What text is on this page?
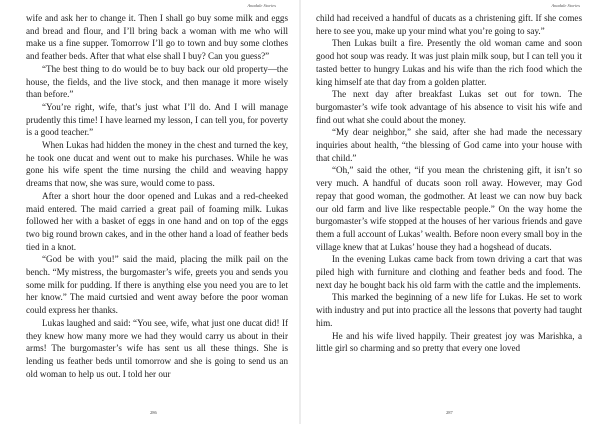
Anadale Stories

wife and ask her to change it. Then I shall go buy some milk and eggs and bread and flour, and I’ll bring back a woman with me who will make us a fine supper. Tomorrow I’ll go to town and buy some clothes and feather beds. After that what else shall I buy? Can you guess?”

“The best thing to do would be to buy back our old property—the house, the fields, and the live stock, and then manage it more wisely than before.”

“You’re right, wife, that’s just what I’ll do. And I will manage prudently this time! I have learned my lesson, I can tell you, for poverty is a good teacher.”

When Lukas had hidden the money in the chest and turned the key, he took one ducat and went out to make his purchases. While he was gone his wife spent the time nursing the child and weaving happy dreams that now, she was sure, would come to pass.

After a short hour the door opened and Lukas and a red-cheeked maid entered. The maid carried a great pail of foaming milk. Lukas followed her with a basket of eggs in one hand and on top of the eggs two big round brown cakes, and in the other hand a load of feather beds tied in a knot.

“God be with you!” said the maid, placing the milk pail on the bench. “My mistress, the burgomaster’s wife, greets you and sends you some milk for pudding. If there is anything else you need you are to let her know.” The maid curtsied and went away before the poor woman could express her thanks.

Lukas laughed and said: “You see, wife, what just one ducat did! If they knew how many more we had they would carry us about in their arms! The burgomaster’s wife has sent us all these things. She is lending us feather beds until tomorrow and she is going to send us an old woman to help us out. I told her our

286
Anadale Stories

child had received a handful of ducats as a christening gift. If she comes here to see you, make up your mind what you’re going to say.”

Then Lukas built a fire. Presently the old woman came and soon good hot soup was ready. It was just plain milk soup, but I can tell you it tasted better to hungry Lukas and his wife than the rich food which the king himself ate that day from a golden platter.

The next day after breakfast Lukas set out for town. The burgomaster’s wife took advantage of his absence to visit his wife and find out what she could about the money.

“My dear neighbor,” she said, after she had made the necessary inquiries about health, “the blessing of God came into your house with that child.”

“Oh,” said the other, “if you mean the christening gift, it isn’t so very much. A handful of ducats soon roll away. However, may God repay that good woman, the godmother. At least we can now buy back our old farm and live like respectable people.” On the way home the burgomaster’s wife stopped at the houses of her various friends and gave them a full account of Lukas’ wealth. Before noon every small boy in the village knew that at Lukas’ house they had a hogshead of ducats.

In the evening Lukas came back from town driving a cart that was piled high with furniture and clothing and feather beds and food. The next day he bought back his old farm with the cattle and the implements.

This marked the beginning of a new life for Lukas. He set to work with industry and put into practice all the lessons that poverty had taught him.

He and his wife lived happily. Their greatest joy was Marishka, a little girl so charming and so pretty that every one loved

287
